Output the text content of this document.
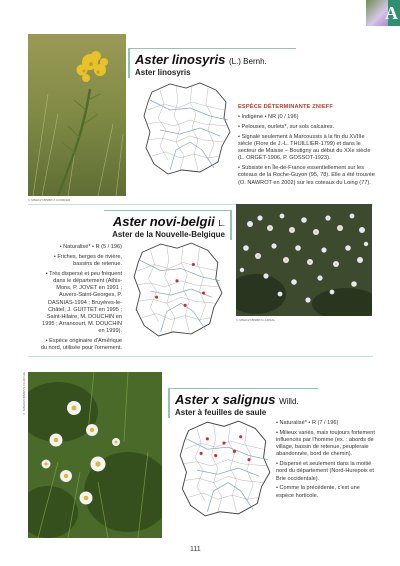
A
© MNHN/CBNBP/J.CORDIER
Aster linosyris (L.) Bernh.
Aster linosyris
ESPÈCE DÉTERMINANTE ZNIEFF

• Indigène • NR (0 / 196)

• Pelouses, ourlets*, sur sols calcaires.

• Signalé seulement à Marcoussis à la fin du XVIIIe siècle (Flore de J.-L. THUILLIER-1799) et dans le secteur de Maisse – Boutigny au début du XXe siècle (L. ORGET-1906, P. GOSSOT-1923).

• Subsiste en Île-de-France essentiellement sur les coteaux de la Roche-Guyon (95, 78). Elle a été trouvée (O. NAWROT en 2002) sur les coteaux du Loing (77).

Aster novi-belgii L.
Aster de la Nouvelle-Belgique
© MNHN/CBNBP/G.ARNAL

• Naturalisé* • R (5 / 196)

• Friches, berges de rivière, bassins de retenue.

• Très dispersé et peu fréquent dans le département (Athis-Mons, P. JOVET en 1991 ; Auvers-Saint-Georges, P. DASNIAS-1994 ; Bruyères-le-Châtel, J. GUITTET en 1995 ; Saint-Hilaire, M. DOUCHIN en 1995 ; Arrancourt, M. DOUCHIN en 1999).

• Espèce originaire d'Amérique du nord, utilisée pour l'ornement.

© MNHN/CBNBP/S.FILOCHE	Aster x salignus Willd.
Aster à feuilles de saule

• Naturalisé* • R (7 / 196)

• Milieux variés, mais toujours fortement influencés par l'homme (ex. : abords de village, bassin de retenue, peupleraie abandonnée, bord de chemin).

• Dispersé et seulement dans la moitié nord du département (Nord-Hurepoix et Brie occidentale).

• Comme la précédente, c'est une espèce horticole.

111
